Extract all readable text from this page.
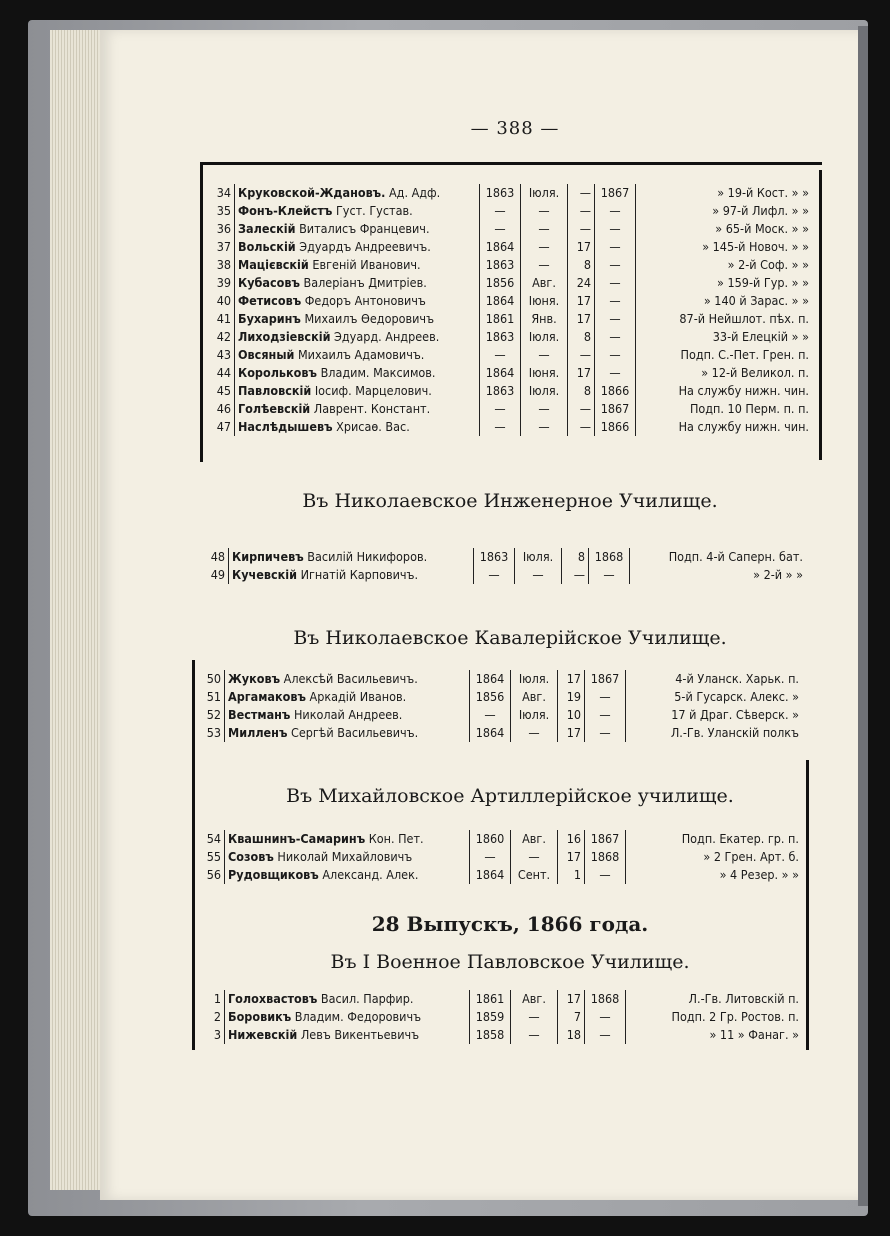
— 388 —
34	Круковской-Ждановъ. Ад. Адф.	1863	Іюля.	—	1867	» 19-й Кост. » »
35	Фонъ-Клейстъ Густ. Густав.	—	—	—	—	» 97-й Лифл. » »
36	Залескій Виталисъ Францевич.	—	—	—	—	» 65-й Моск. » »
37	Вольскій Эдуардъ Андреевичъ.	1864	—	17	—	» 145-й Новоч. » »
38	Мацієвскій Евгеній Иванович.	1863	—	8	—	» 2-й Соф. » »
39	Кубасовъ Валеріанъ Дмитріев.	1856	Авг.	24	—	» 159-й Гур. » »
40	Фетисовъ Федоръ Антоновичъ	1864	Іюня.	17	—	» 140 й Зарас. » »
41	Бухаринъ Михаилъ Өедоровичъ	1861	Янв.	17	—	87-й Нейшлот. пѣх. п.
42	Лиходзіевскій Эдуард. Андреев.	1863	Іюля.	8	—	33-й Елецкій » »
43	Овсяный Михаилъ Адамовичъ.	—	—	—	—	Подп. С.-Пет. Грен. п.
44	Корольковъ Владим. Максимов.	1864	Іюня.	17	—	» 12-й Великол. п.
45	Павловскій Іосиф. Марцелович.	1863	Іюля.	8	1866	На службу нижн. чин.
46	Голѣевскій Лаврент. Констант.	—	—	—	1867	Подп. 10 Перм. п. п.
47	Наслѣдышевъ Хрисаѳ. Вас.	—	—	—	1866	На службу нижн. чин.
Въ Николаевское Инженерное Училище.
48	Кирпичевъ Василій Никифоров.	1863	Іюля.	8	1868	Подп. 4-й Саперн. бат.
49	Кучевскій Игнатій Карповичъ.	—	—	—	—	» 2-й » »
Въ Николаевское Кавалерійское Училище.
50	Жуковъ Алексѣй Васильевичъ.	1864	Іюля.	17	1867	4-й Уланск. Харьк. п.
51	Аргамаковъ Аркадій Иванов.	1856	Авг.	19	—	5-й Гусарск. Алекс. »
52	Вестманъ Николай Андреев.	—	Іюля.	10	—	17 й Драг. Сѣверск. »
53	Милленъ Сергѣй Васильевичъ.	1864	—	17	—	Л.-Гв. Уланскій полкъ
Въ Михайловское Артиллерійское училище.
54	Квашнинъ-Самаринъ Кон. Пет.	1860	Авг.	16	1867	Подп. Екатер. гр. п.
55	Созовъ Николай Михайловичъ	—	—	17	1868	» 2 Грен. Арт. б.
56	Рудовщиковъ Александ. Алек.	1864	Сент.	1	—	» 4 Резер. » »
28 Выпускъ, 1866 года.
Въ I Военное Павловское Училище.
1	Голохвастовъ Васил. Парфир.	1861	Авг.	17	1868	Л.-Гв. Литовскій п.
2	Боровикъ Владим. Федоровичъ	1859	—	7	—	Подп. 2 Гр. Ростов. п.
3	Нижевскій Левъ Викентьевичъ	1858	—	18	—	» 11 » Фанаг. »
